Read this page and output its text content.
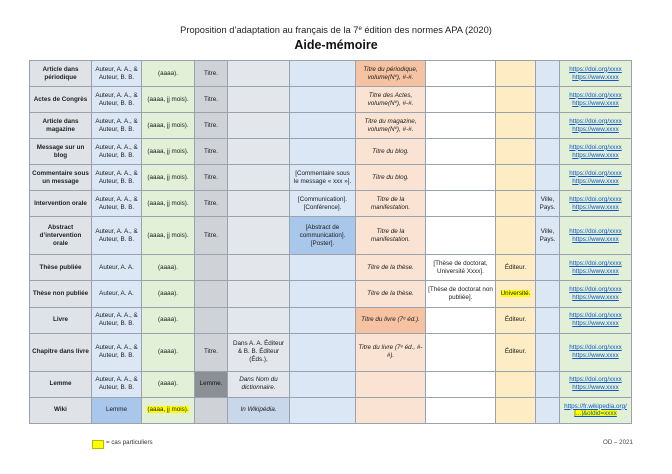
Proposition d’adaptation au français de la 7e édition des normes APA (2020)
Aide-mémoire
Article dans périodique	Auteur, A. A., & Auteur, B. B.	(aaaa).	Titre.			Titre du périodique, volume(Nº), #-#.				https://doi.org/xxxx
https://www.xxxx

Actes de Congrès	Auteur, A. A., & Auteur, B. B.	(aaaa, jj mois).	Titre.			Titre des Actes, volume(Nº), #-#.				https://doi.org/xxxx
https://www.xxxx

Article dans magazine	Auteur, A. A., & Auteur, B. B.	(aaaa, jj mois).	Titre.			Titre du magazine, volume(Nº), #-#.				https://doi.org/xxxx
https://www.xxxx

Message sur un blog	Auteur, A. A., & Auteur, B. B.	(aaaa, jj mois).	Titre.			Titre du blog.				https://doi.org/xxxx
https://www.xxxx

Commentaire sous un message	Auteur, A. A., & Auteur, B. B.	(aaaa, jj mois).	Titre.		[Commentaire sous le message « xxx »].	Titre du blog.				https://doi.org/xxxx
https://www.xxxx

Intervention orale	Auteur, A. A., & Auteur, B. B.	(aaaa, jj mois).	Titre.		[Communication]. [Conférence].	Titre de la manifestation.			Ville, Pays.	https://doi.org/xxxx
https://www.xxxx

Abstract d’intervention orale	Auteur, A. A., & Auteur, B. B.	(aaaa, jj mois).	Titre.		[Abstract de communication]. [Poster].	Titre de la manifestation.			Ville, Pays.	https://doi.org/xxxx
https://www.xxxx

Thèse publiée	Auteur, A. A.	(aaaa).				Titre de la thèse.	[Thèse de doctorat, Université Xxxx].	Éditeur.		https://doi.org/xxxx
https://www.xxxx

Thèse non publiée	Auteur, A. A.	(aaaa).				Titre de la thèse.	[Thèse de doctorat non publiée].	Université.		https://doi.org/xxxx
https://www.xxxx

Livre	Auteur, A. A., & Auteur, B. B.	(aaaa).				Titre du livre (7ᵉ éd.).		Éditeur.		https://doi.org/xxxx
https://www.xxxx

Chapitre dans livre	Auteur, A. A., & Auteur, B. B.	(aaaa).	Titre.	Dans A. A. Éditeur & B. B. Éditeur (Éds.),		Titre du livre (7ᵉ éd., #-#).		Éditeur.		https://doi.org/xxxx
https://www.xxxx

Lemme	Auteur, A. A., & Auteur, B. B.	(aaaa).	Lemme.	Dans Nom du dictionnaire.						https://doi.org/xxxx
https://www.xxxx

Wiki	Lemme	(aaaa, jj mois).		In Wikipédia.						https://fr.wikipedia.org/
[...]&oldid=xxxx
= cas particuliers	OD – 2021
